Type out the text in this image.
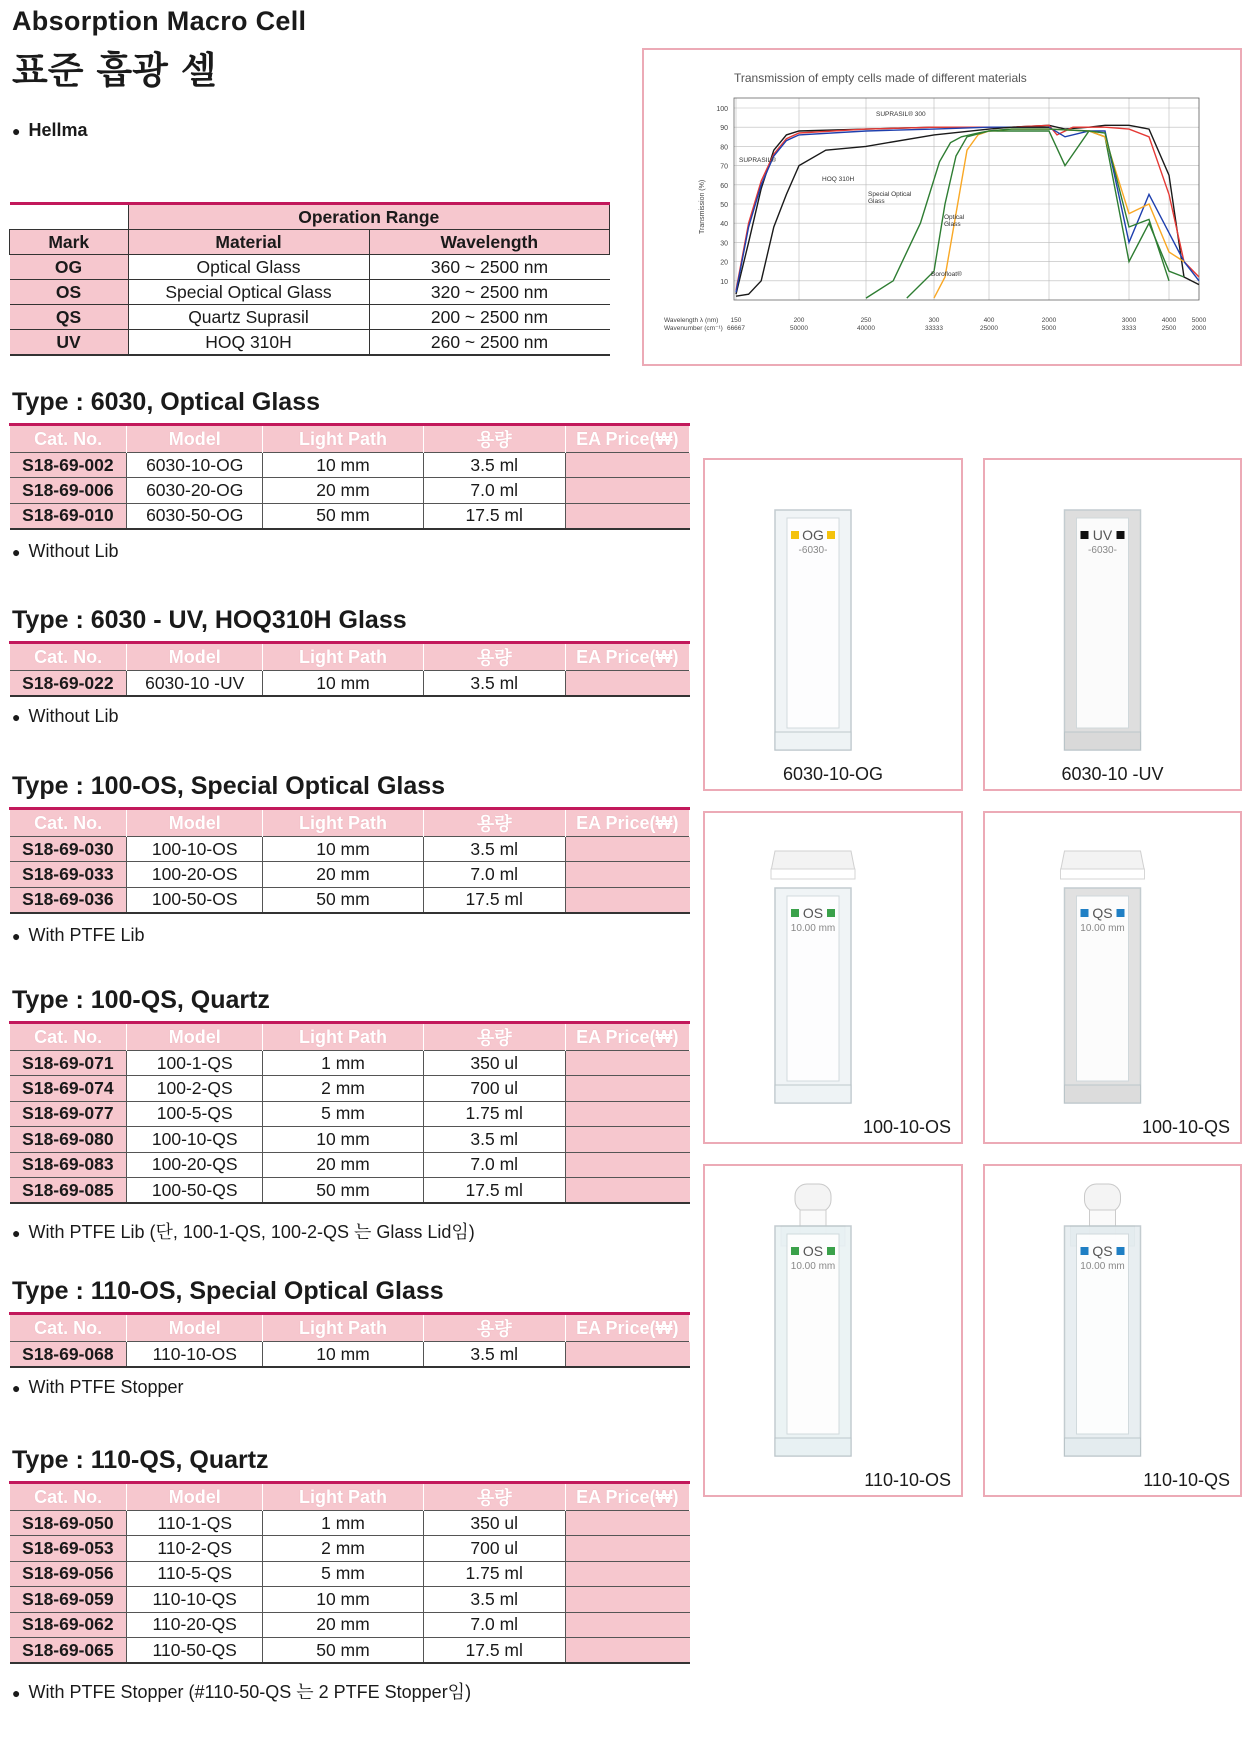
Absorption Macro Cell
표준 흡광 셀
● Hellma
	Operation Range	
Mark	Material	Wavelength
OG	Optical Glass	360 ~ 2500 nm
OS	Special Optical Glass	320 ~ 2500 nm
QS	Quartz Suprasil	200 ~ 2500 nm
UV	HOQ 310H	260 ~ 2500 nm
Transmission of empty cells made of different materials
10
20
30
40
50
60
70
80
90
100
Transmission (%)
Wavelength λ (nm)
Wavenumber (cm⁻¹)
150
66667
200
50000
250
40000
300
33333
400
25000
2000
5000
3000
3333
4000
2500
5000
2000
SUPRASIL® 300
SUPRASIL®
HOQ 310H
Special Optical Glass
Optical Glass
Borofloat®
Type : 6030, Optical Glass
Cat. No.	Model	Light Path	용량	EA Price(₩)
S18-69-002	6030-10-OG	10 mm	3.5 ml	
S18-69-006	6030-20-OG	20 mm	7.0 ml	
S18-69-010	6030-50-OG	50 mm	17.5 ml	
● Without Lib
Type : 6030 - UV, HOQ310H Glass
Cat. No.	Model	Light Path	용량	EA Price(₩)
S18-69-022	6030-10 -UV	10 mm	3.5 ml	
● Without Lib
Type : 100-OS, Special Optical Glass
Cat. No.	Model	Light Path	용량	EA Price(₩)
S18-69-030	100-10-OS	10 mm	3.5 ml	
S18-69-033	100-20-OS	20 mm	7.0 ml	
S18-69-036	100-50-OS	50 mm	17.5 ml	
● With PTFE Lib
Type : 100-QS, Quartz
Cat. No.	Model	Light Path	용량	EA Price(₩)
S18-69-071	100-1-QS	1 mm	350 ul	
S18-69-074	100-2-QS	2 mm	700 ul	
S18-69-077	100-5-QS	5 mm	1.75 ml	
S18-69-080	100-10-QS	10 mm	3.5 ml	
S18-69-083	100-20-QS	20 mm	7.0 ml	
S18-69-085	100-50-QS	50 mm	17.5 ml	
● With PTFE Lib (단, 100-1-QS, 100-2-QS 는 Glass Lid임)
Type : 110-OS, Special Optical Glass
Cat. No.	Model	Light Path	용량	EA Price(₩)
S18-69-068	110-10-OS	10 mm	3.5 ml	
● With PTFE Stopper
Type : 110-QS, Quartz
Cat. No.	Model	Light Path	용량	EA Price(₩)
S18-69-050	110-1-QS	1 mm	350 ul	
S18-69-053	110-2-QS	2 mm	700 ul	
S18-69-056	110-5-QS	5 mm	1.75 ml	
S18-69-059	110-10-QS	10 mm	3.5 ml	
S18-69-062	110-20-QS	20 mm	7.0 ml	
S18-69-065	110-50-QS	50 mm	17.5 ml	
● With PTFE Stopper (#110-50-QS 는 2 PTFE Stopper임)
OG
-6030-
6030-10-OG
UV
-6030-
6030-10 -UV
OS
10.00 mm
100-10-OS
QS
10.00 mm
100-10-QS
OS
10.00 mm
110-10-OS
QS
10.00 mm
110-10-QS
